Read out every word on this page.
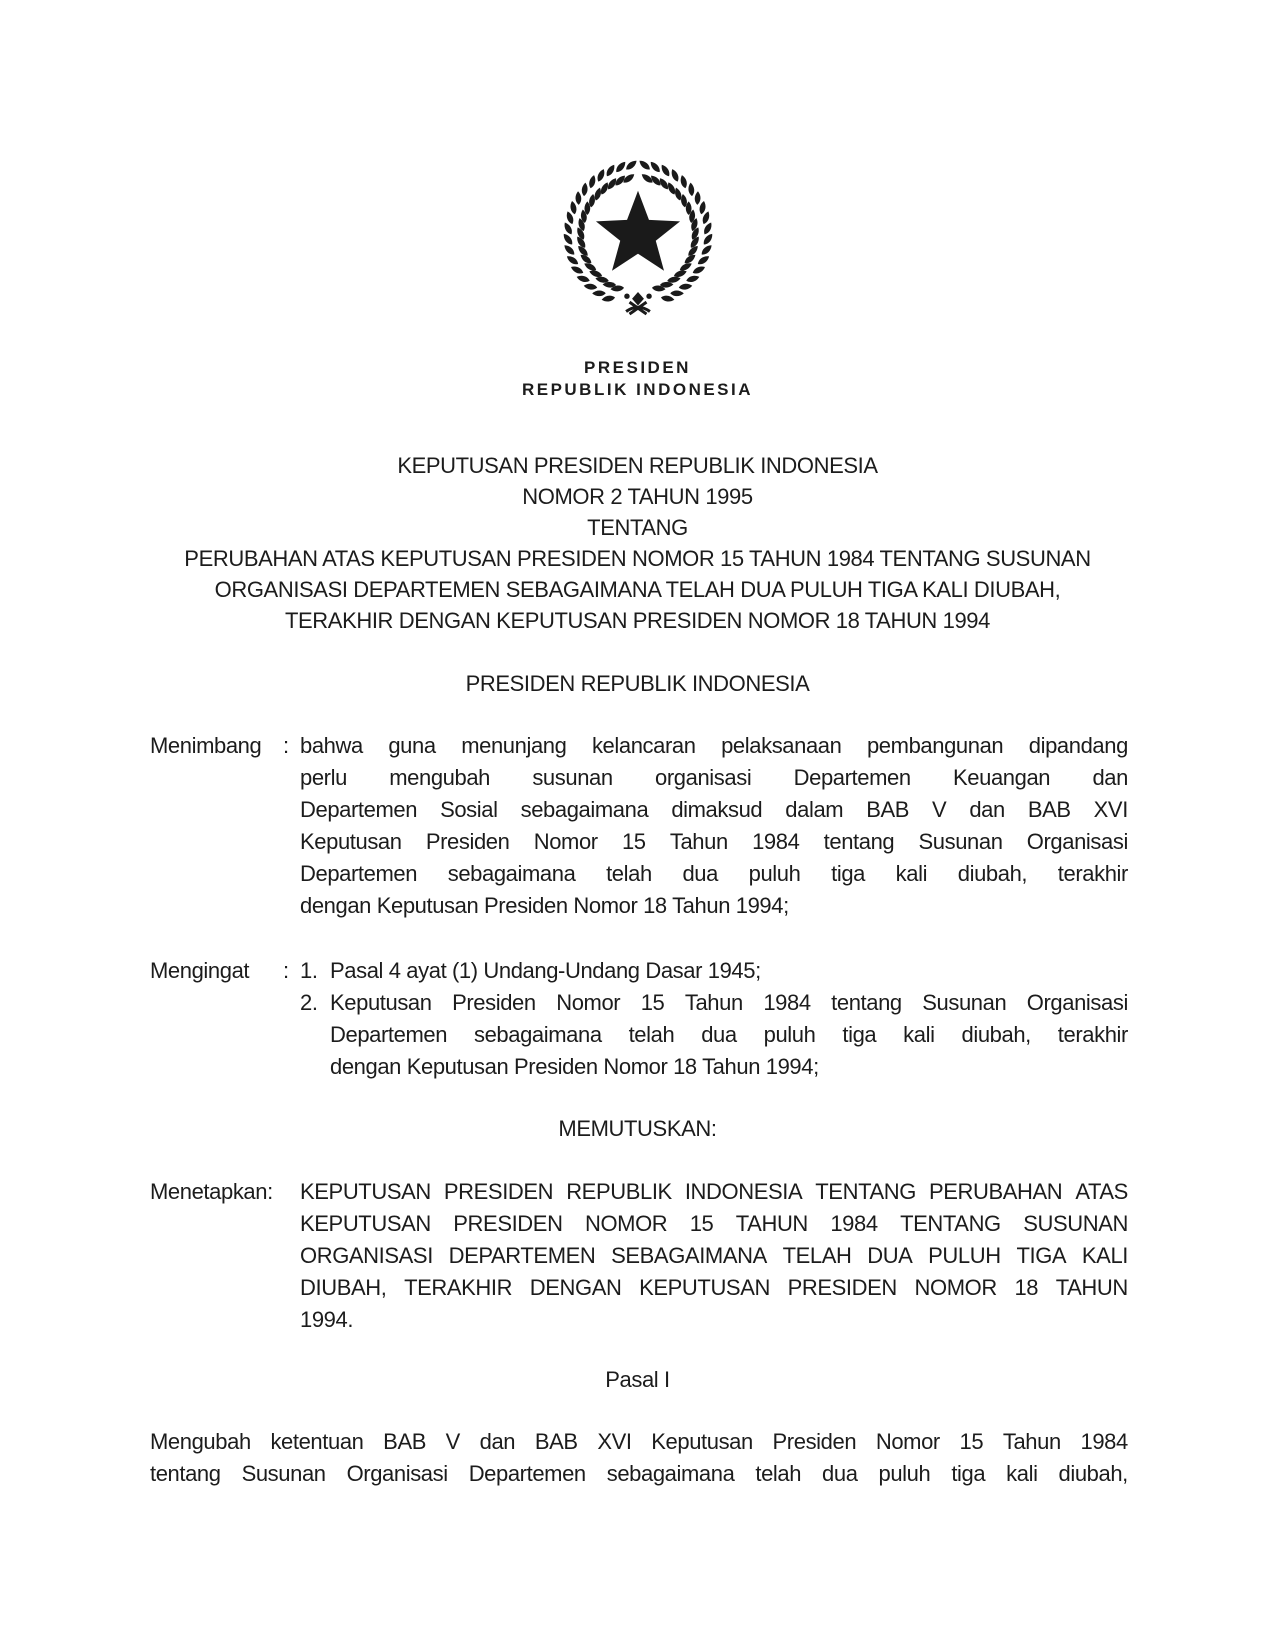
PRESIDEN
REPUBLIK INDONESIA
KEPUTUSAN PRESIDEN REPUBLIK INDONESIA
NOMOR 2 TAHUN 1995
TENTANG
PERUBAHAN ATAS KEPUTUSAN PRESIDEN NOMOR 15 TAHUN 1984 TENTANG SUSUNAN
ORGANISASI DEPARTEMEN SEBAGAIMANA TELAH DUA PULUH TIGA KALI DIUBAH,
TERAKHIR DENGAN KEPUTUSAN PRESIDEN NOMOR 18 TAHUN 1994
PRESIDEN REPUBLIK INDONESIA
Menimbang : bahwa guna menunjang kelancaran pelaksanaan pembangunan dipandang
perlu mengubah susunan organisasi Departemen Keuangan dan
Departemen Sosial sebagaimana dimaksud dalam BAB V dan BAB XVI
Keputusan Presiden Nomor 15 Tahun 1984 tentang Susunan Organisasi
Departemen sebagaimana telah dua puluh tiga kali diubah, terakhir
dengan Keputusan Presiden Nomor 18 Tahun 1994;
Mengingat : 1. Pasal 4 ayat (1) Undang-Undang Dasar 1945;
2. Keputusan Presiden Nomor 15 Tahun 1984 tentang Susunan Organisasi
Departemen sebagaimana telah dua puluh tiga kali diubah, terakhir
dengan Keputusan Presiden Nomor 18 Tahun 1994;
MEMUTUSKAN:
Menetapkan:	KEPUTUSAN PRESIDEN REPUBLIK INDONESIA TENTANG PERUBAHAN ATAS
KEPUTUSAN PRESIDEN NOMOR 15 TAHUN 1984 TENTANG SUSUNAN
ORGANISASI DEPARTEMEN SEBAGAIMANA TELAH DUA PULUH TIGA KALI
DIUBAH, TERAKHIR DENGAN KEPUTUSAN PRESIDEN NOMOR 18 TAHUN
1994.
Pasal I
Mengubah ketentuan BAB V dan BAB XVI Keputusan Presiden Nomor 15 Tahun 1984
tentang Susunan Organisasi Departemen sebagaimana telah dua puluh tiga kali diubah,
